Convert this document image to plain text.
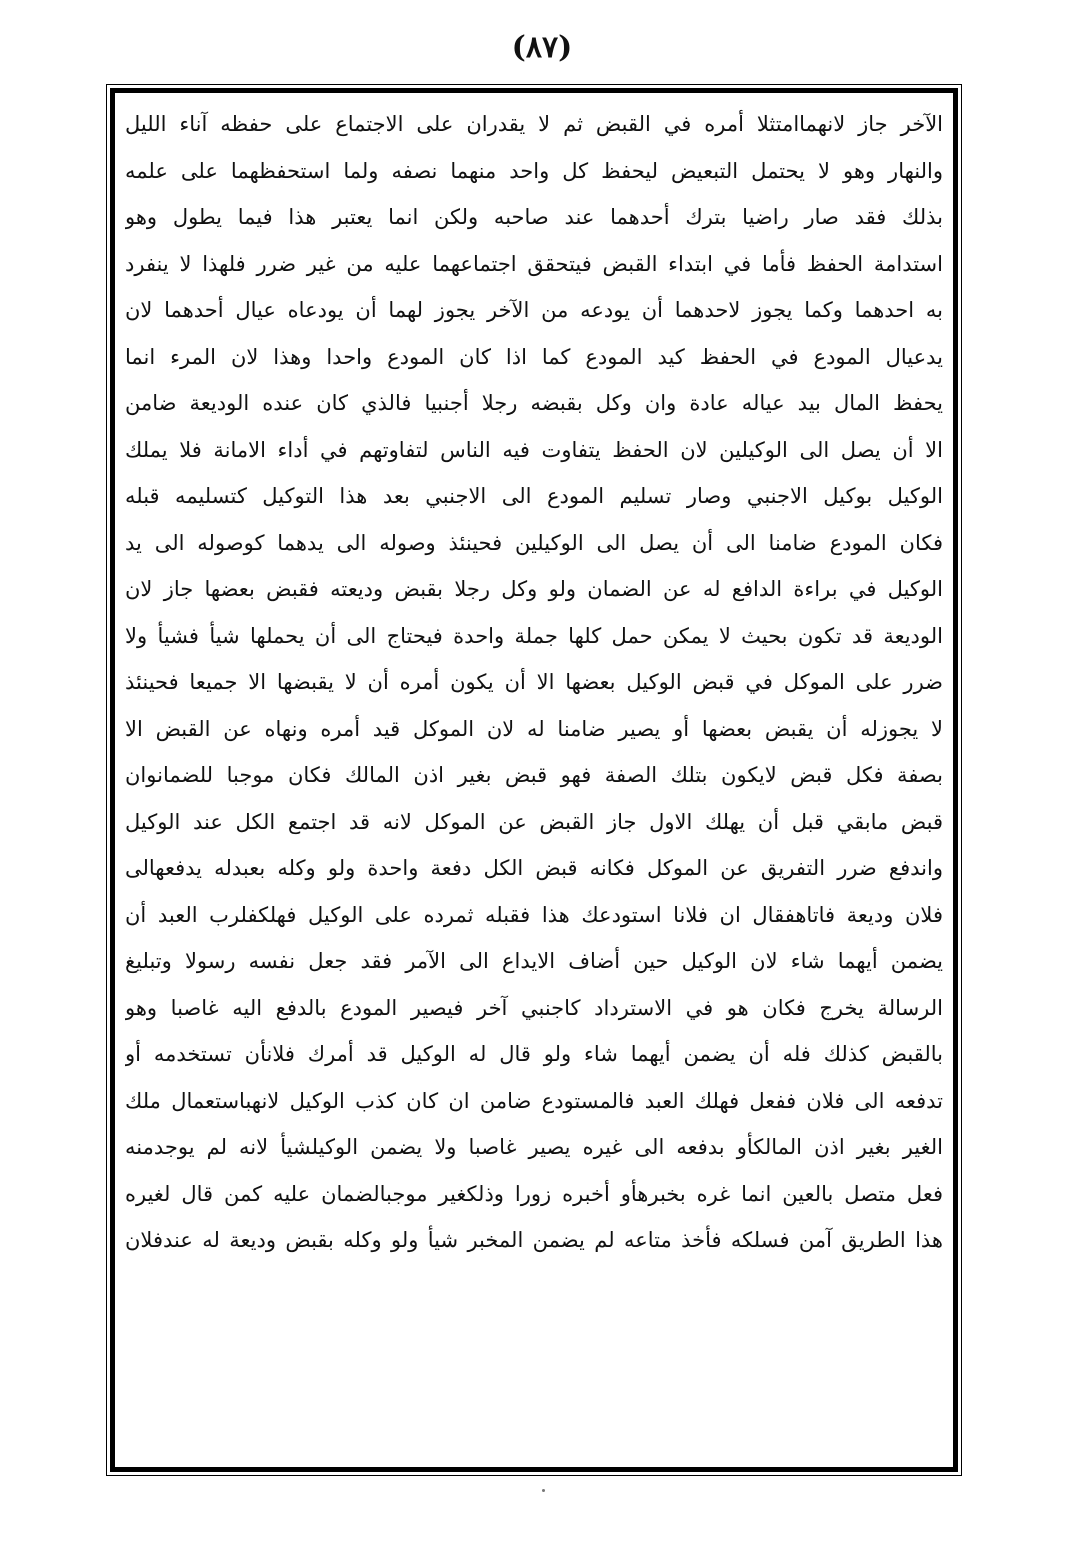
(٨٧)
الآخر جاز لانهماامتثلا أمره في القبض ثم لا يقدران على الاجتماع على حفظه آناء الليل
والنهار وهو لا يحتمل التبعيض ليحفظ كل واحد منهما نصفه ولما استحفظهما على علمه
بذلك فقد صار راضيا بترك أحدهما عند صاحبه ولكن انما يعتبر هذا فيما يطول وهو
استدامة الحفظ فأما في ابتداء القبض فيتحقق اجتماعهما عليه من غير ضرر فلهذا لا ينفرد
به احدهما وكما يجوز لاحدهما أن يودعه من الآخر يجوز لهما أن يودعاه عيال أحدهما لان
يدعيال المودع في الحفظ كيد المودع كما اذا كان المودع واحدا وهذا لان المرء انما
يحفظ المال بيد عياله عادة وان وكل بقبضه رجلا أجنبيا فالذي كان عنده الوديعة ضامن
الا أن يصل الى الوكيلين لان الحفظ يتفاوت فيه الناس لتفاوتهم في أداء الامانة فلا يملك
الوكيل بوكيل الاجنبي وصار تسليم المودع الى الاجنبي بعد هذا التوكيل كتسليمه قبله
فكان المودع ضامنا الى أن يصل الى الوكيلين فحينئذ وصوله الى يدهما كوصوله الى يد
الوكيل في براءة الدافع له عن الضمان ولو وكل رجلا بقبض وديعته فقبض بعضها جاز لان
الوديعة قد تكون بحيث لا يمكن حمل كلها جملة واحدة فيحتاج الى أن يحملها شيأ فشيأ ولا
ضرر على الموكل في قبض الوكيل بعضها الا أن يكون أمره أن لا يقبضها الا جميعا فحينئذ
لا يجوزله أن يقبض بعضها أو يصير ضامنا له لان الموكل قيد أمره ونهاه عن القبض الا
بصفة فكل قبض لايكون بتلك الصفة فهو قبض بغير اذن المالك فكان موجبا للضمانوان
قبض مابقي قبل أن يهلك الاول جاز القبض عن الموكل لانه قد اجتمع الكل عند الوكيل
واندفع ضرر التفريق عن الموكل فكانه قبض الكل دفعة واحدة ولو وكله بعبدله يدفعهالى
فلان وديعة فاتاهفقال ان فلانا استودعك هذا فقبله ثمرده على الوكيل فهلكفلرب العبد أن
يضمن أيهما شاء لان الوكيل حين أضاف الايداع الى الآمر فقد جعل نفسه رسولا وتبليغ
الرسالة يخرج فكان هو في الاسترداد كاجنبي آخر فيصير المودع بالدفع اليه غاصبا وهو
بالقبض كذلك فله أن يضمن أيهما شاء ولو قال له الوكيل قد أمرك فلانأن تستخدمه أو
تدفعه الى فلان ففعل فهلك العبد فالمستودع ضامن ان كان كذب الوكيل لانهباستعمال ملك
الغير بغير اذن المالكأو بدفعه الى غيره يصير غاصبا ولا يضمن الوكيلشيأ لانه لم يوجدمنه
فعل متصل بالعين انما غره بخبرهأو أخبره زورا وذلكغير موجبالضمان عليه كمن قال لغيره
هذا الطريق آمن فسلكه فأخذ متاعه لم يضمن المخبر شيأ ولو وكله بقبض وديعة له عندفلان
